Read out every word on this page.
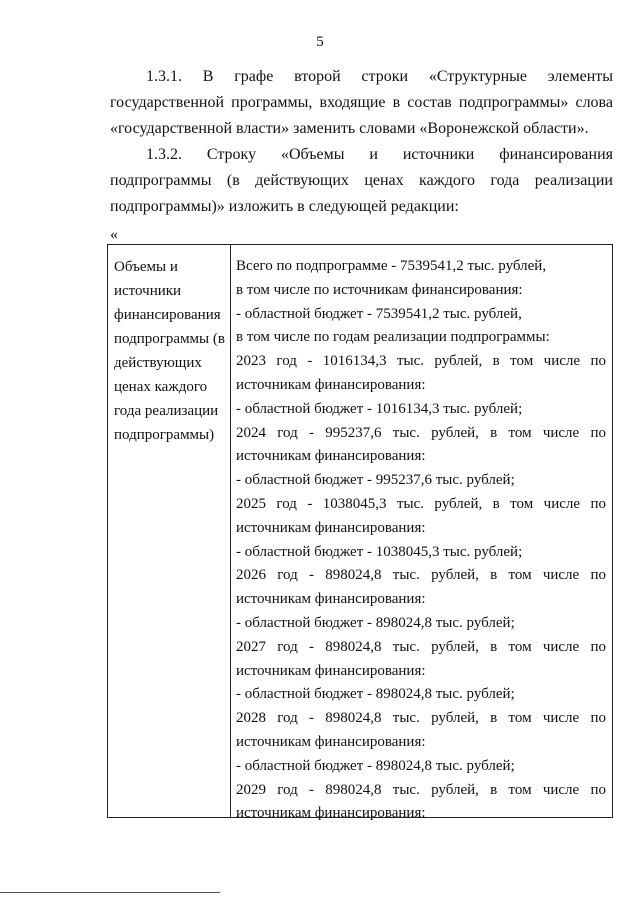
5

1.3.1. В графе второй строки «Структурные элементы государственной программы, входящие в состав подпрограммы» слова «государственной власти» заменить словами «Воронежской области».

1.3.2. Строку «Объемы и источники финансирования подпрограммы (в действующих ценах каждого года реализации подпрограммы)» изложить в следующей редакции:

«
Объемы и
источники
финансирования
подпрограммы (в
действующих
ценах каждого
года реализации
подпрограммы)
Всего по подпрограмме - 7539541,2 тыс. рублей,
в том числе по источникам финансирования:
- областной бюджет - 7539541,2 тыс. рублей,
в том числе по годам реализации подпрограммы:
2023 год - 1016134,3 тыс. рублей, в том числе по
источникам финансирования:
- областной бюджет - 1016134,3 тыс. рублей;
2024 год - 995237,6 тыс. рублей, в том числе по
источникам финансирования:
- областной бюджет - 995237,6 тыс. рублей;
2025 год - 1038045,3 тыс. рублей, в том числе по
источникам финансирования:
- областной бюджет - 1038045,3 тыс. рублей;
2026 год - 898024,8 тыс. рублей, в том числе по
источникам финансирования:
- областной бюджет - 898024,8 тыс. рублей;
2027 год - 898024,8 тыс. рублей, в том числе по
источникам финансирования:
- областной бюджет - 898024,8 тыс. рублей;
2028 год - 898024,8 тыс. рублей, в том числе по
источникам финансирования:
- областной бюджет - 898024,8 тыс. рублей;
2029 год - 898024,8 тыс. рублей, в том числе по
источникам финансирования:
